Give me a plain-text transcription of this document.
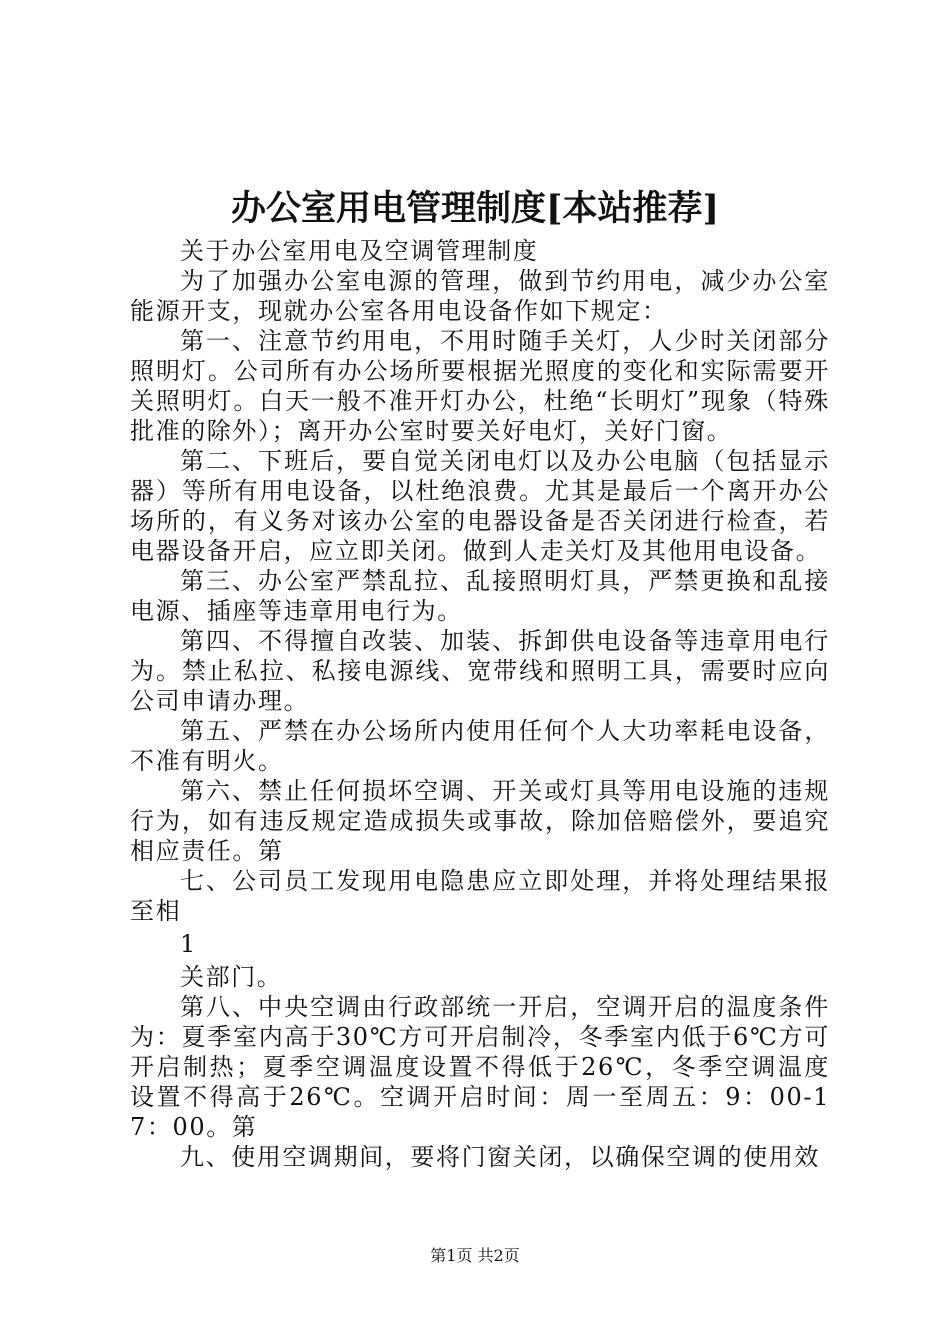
办公室用电管理制度[本站推荐]

关于办公室用电及空调管理制度

为了加强办公室电源的管理，做到节约用电，减少办公室能源开支，现就办公室各用电设备作如下规定：

第一、注意节约用电，不用时随手关灯，人少时关闭部分照明灯。公司所有办公场所要根据光照度的变化和实际需要开关照明灯。白天一般不准开灯办公，杜绝“长明灯”现象（特殊批准的除外）；离开办公室时要关好电灯，关好门窗。

第二、下班后，要自觉关闭电灯以及办公电脑（包括显示器）等所有用电设备，以杜绝浪费。尤其是最后一个离开办公场所的，有义务对该办公室的电器设备是否关闭进行检查，若电器设备开启，应立即关闭。做到人走关灯及其他用电设备。

第三、办公室严禁乱拉、乱接照明灯具，严禁更换和乱接电源、插座等违章用电行为。

第四、不得擅自改装、加装、拆卸供电设备等违章用电行为。禁止私拉、私接电源线、宽带线和照明工具，需要时应向公司申请办理。

第五、严禁在办公场所内使用任何个人大功率耗电设备，不准有明火。

第六、禁止任何损坏空调、开关或灯具等用电设施的违规行为，如有违反规定造成损失或事故，除加倍赔偿外，要追究相应责任。第

七、公司员工发现用电隐患应立即处理，并将处理结果报至相

1

关部门。

第八、中央空调由行政部统一开启，空调开启的温度条件为：夏季室内高于30℃方可开启制冷，冬季室内低于6℃方可开启制热；夏季空调温度设置不得低于26℃，冬季空调温度设置不得高于26℃。空调开启时间：周一至周五：9：00-17：00。第

九、使用空调期间，要将门窗关闭，以确保空调的使用效

第1页 共2页
